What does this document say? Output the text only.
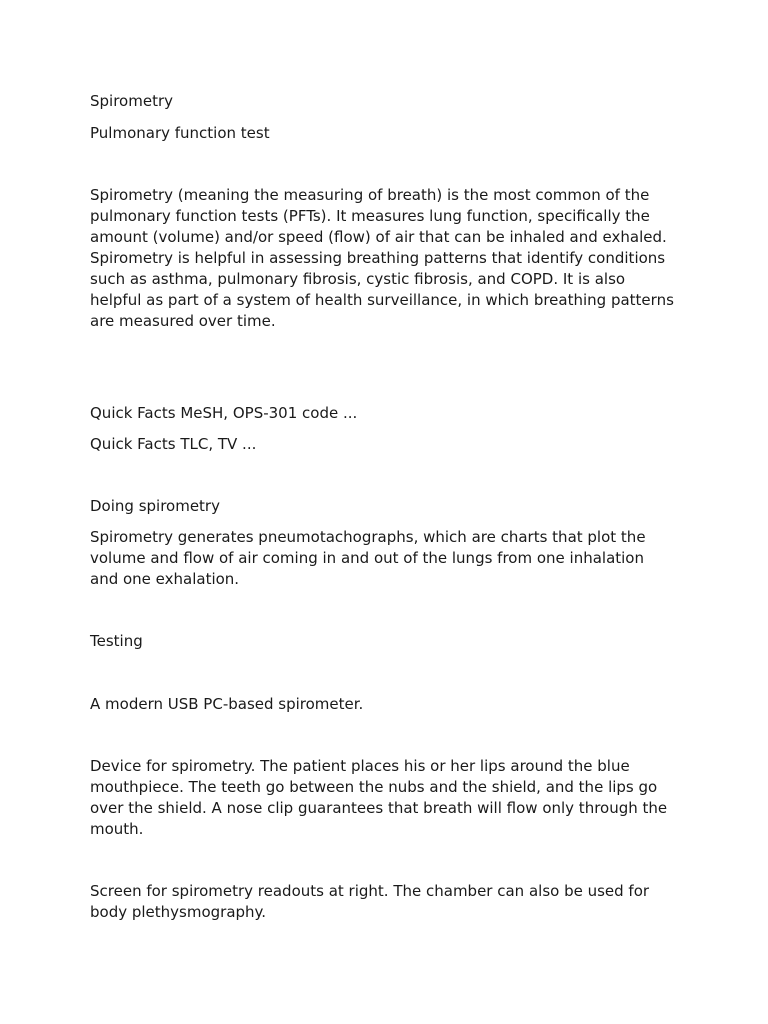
Spirometry

Pulmonary function test

Spirometry (meaning the measuring of breath) is the most common of the
pulmonary function tests (PFTs). It measures lung function, specifically the
amount (volume) and/or speed (flow) of air that can be inhaled and exhaled.
Spirometry is helpful in assessing breathing patterns that identify conditions
such as asthma, pulmonary fibrosis, cystic fibrosis, and COPD. It is also
helpful as part of a system of health surveillance, in which breathing patterns
are measured over time.

Quick Facts MeSH, OPS-301 code ...

Quick Facts TLC, TV ...

Doing spirometry

Spirometry generates pneumotachographs, which are charts that plot the
volume and flow of air coming in and out of the lungs from one inhalation
and one exhalation.

Testing

A modern USB PC-based spirometer.

Device for spirometry. The patient places his or her lips around the blue
mouthpiece. The teeth go between the nubs and the shield, and the lips go
over the shield. A nose clip guarantees that breath will flow only through the
mouth.
Screen for spirometry readouts at right. The chamber can also be used for
body plethysmography.
